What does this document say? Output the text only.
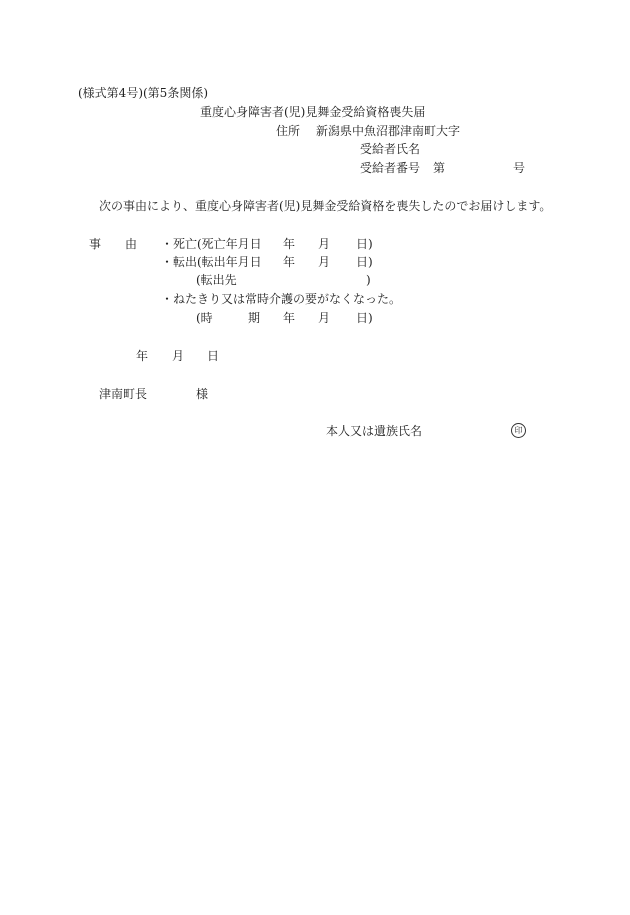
(様式第4号)(第5条関係)
重度心身障害者(児)見舞金受給資格喪失届
住所 新潟県中魚沼郡津南町大字
受給者氏名
受給者番号 第	号
次の事由により、重度心身障害者(児)見舞金受給資格を喪失したのでお届けします。
事 由 ・死亡(死亡年月日 年 月 日)
・転出(転出年月日 年 月 日)
(転出先	)
・ねたきり又は常時介護の要がなくなった。
(時	期 年 月 日)
年 月 日
津南町長	様
本人又は遺族氏名	印
